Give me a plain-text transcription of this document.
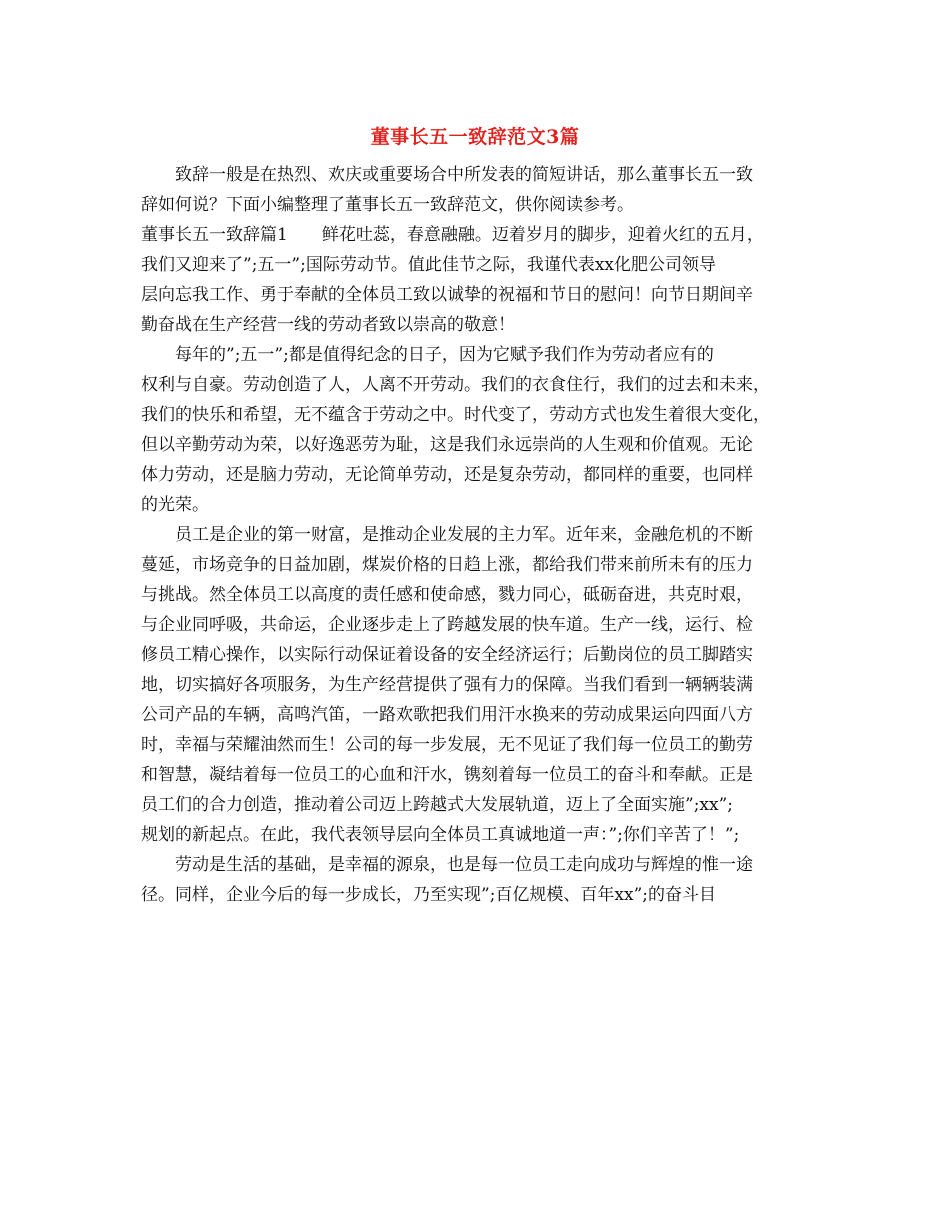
董事长五一致辞范文3篇
致辞一般是在热烈、欢庆或重要场合中所发表的简短讲话，那么董事长五一致
辞如何说？下面小编整理了董事长五一致辞范文，供你阅读参考。
董事长五一致辞篇1 鲜花吐蕊，春意融融。迈着岁月的脚步，迎着火红的五月，
我们又迎来了”;五一”;国际劳动节。值此佳节之际，我谨代表xx化肥公司领导
层向忘我工作、勇于奉献的全体员工致以诚挚的祝福和节日的慰问！向节日期间辛
勤奋战在生产经营一线的劳动者致以崇高的敬意！
每年的”;五一”;都是值得纪念的日子，因为它赋予我们作为劳动者应有的
权利与自豪。劳动创造了人，人离不开劳动。我们的衣食住行，我们的过去和未来，
我们的快乐和希望，无不蕴含于劳动之中。时代变了，劳动方式也发生着很大变化，
但以辛勤劳动为荣，以好逸恶劳为耻，这是我们永远崇尚的人生观和价值观。无论
体力劳动，还是脑力劳动，无论简单劳动，还是复杂劳动，都同样的重要，也同样
的光荣。
员工是企业的第一财富，是推动企业发展的主力军。近年来，金融危机的不断
蔓延，市场竞争的日益加剧，煤炭价格的日趋上涨，都给我们带来前所未有的压力
与挑战。然全体员工以高度的责任感和使命感，戮力同心，砥砺奋进，共克时艰，
与企业同呼吸，共命运，企业逐步走上了跨越发展的快车道。生产一线，运行、检
修员工精心操作，以实际行动保证着设备的安全经济运行；后勤岗位的员工脚踏实
地，切实搞好各项服务，为生产经营提供了强有力的保障。当我们看到一辆辆装满
公司产品的车辆，高鸣汽笛，一路欢歌把我们用汗水换来的劳动成果运向四面八方
时，幸福与荣耀油然而生！公司的每一步发展，无不见证了我们每一位员工的勤劳
和智慧，凝结着每一位员工的心血和汗水，镌刻着每一位员工的奋斗和奉献。正是
员工们的合力创造，推动着公司迈上跨越式大发展轨道，迈上了全面实施”;xx”;
规划的新起点。在此，我代表领导层向全体员工真诚地道一声：”;你们辛苦了！”;
劳动是生活的基础，是幸福的源泉，也是每一位员工走向成功与辉煌的惟一途
径。同样，企业今后的每一步成长，乃至实现”;百亿规模、百年xx”;的奋斗目
